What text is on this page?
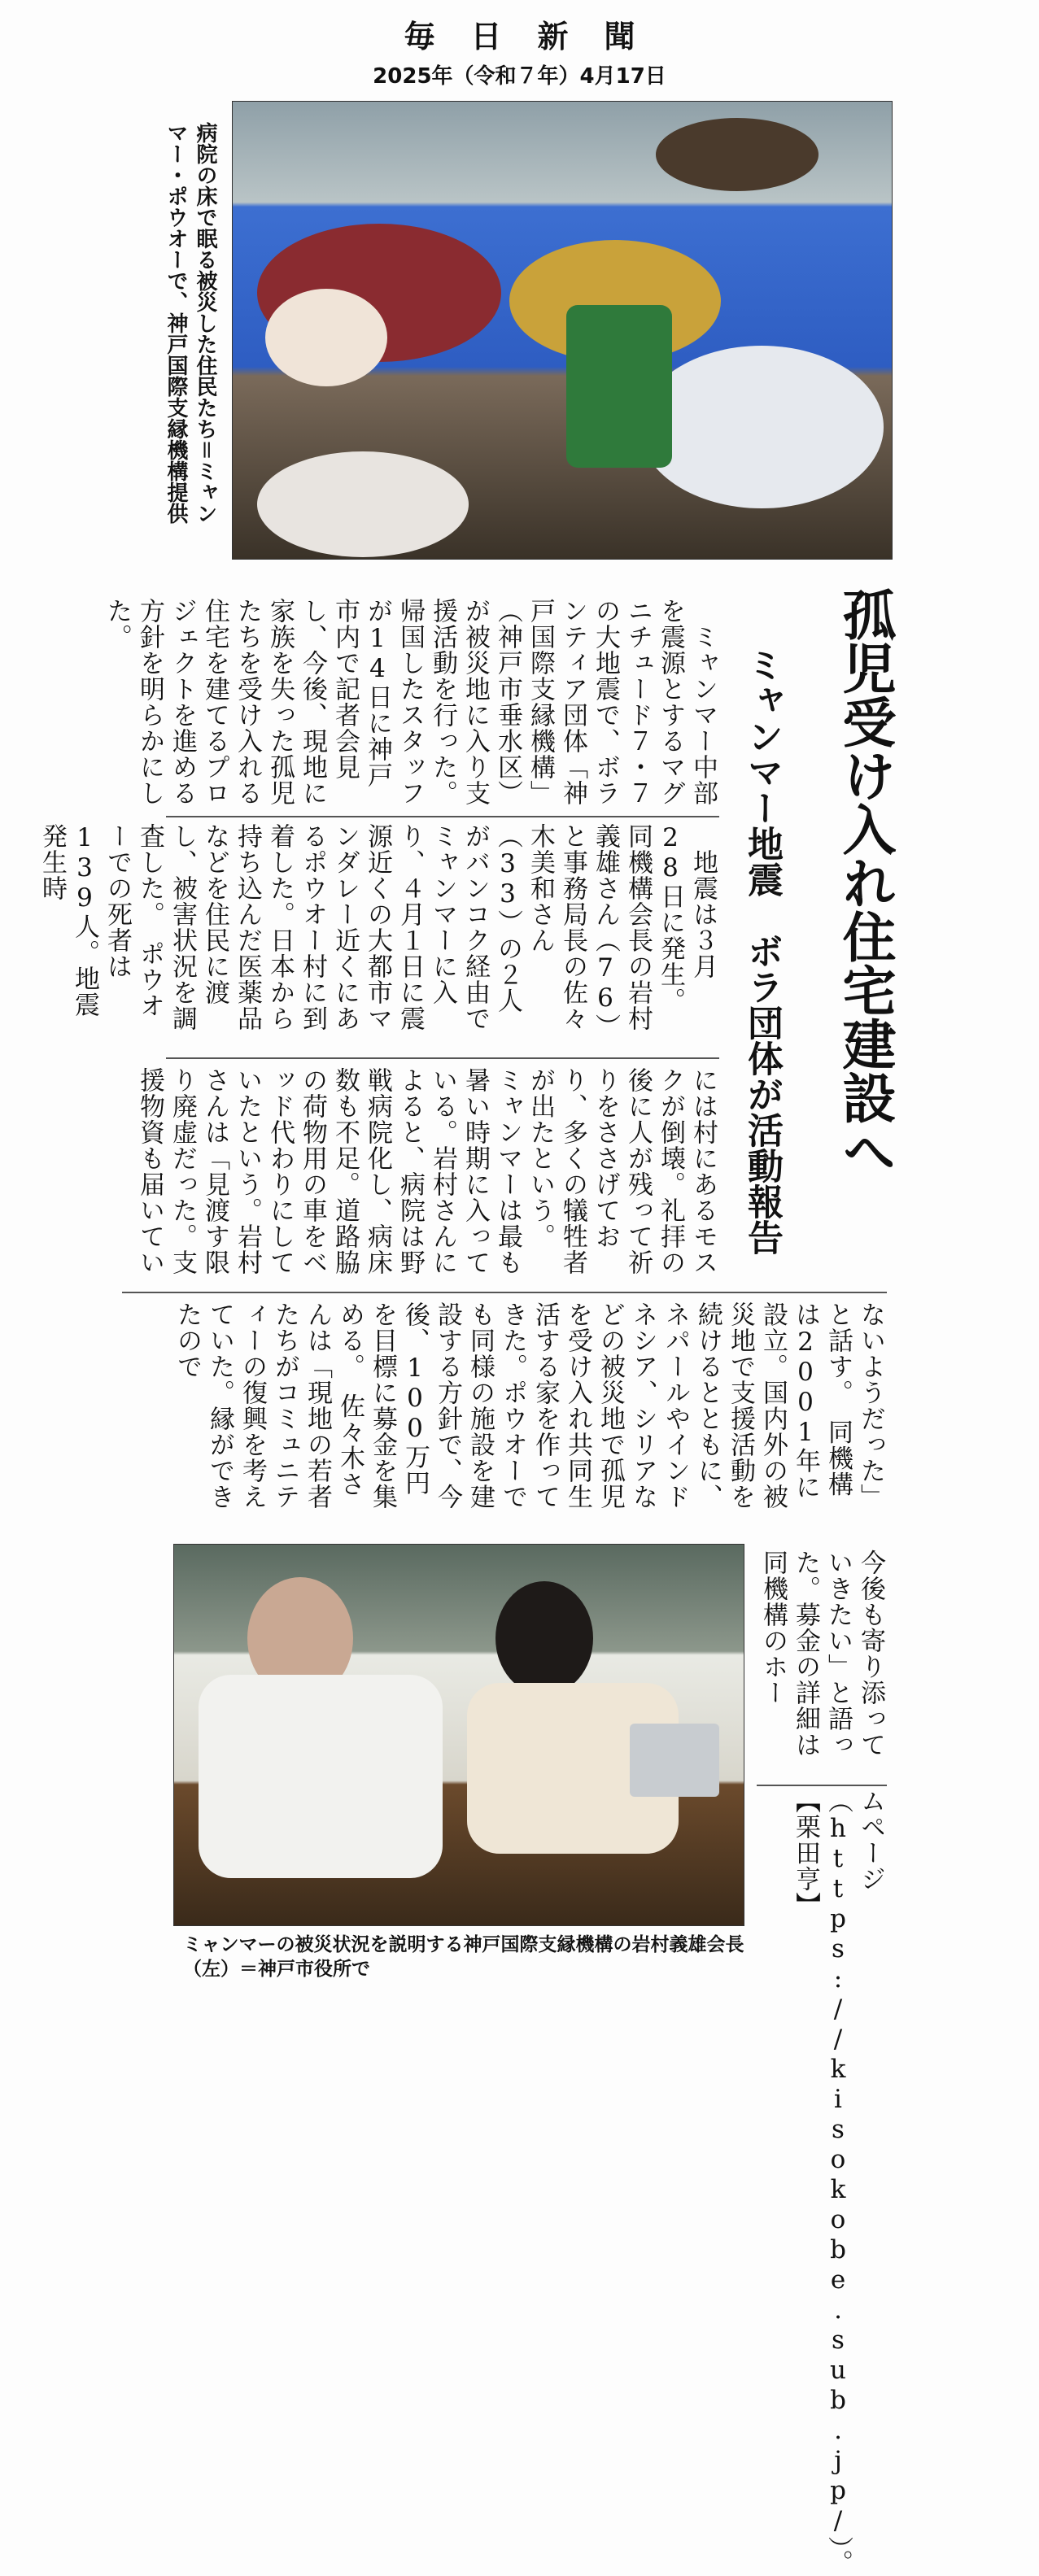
毎日新聞
2025年（令和７年）4月17日
病院の床で眠る被災した住民たち＝ミャンマー・ポウオーで、神戸国際支縁機構提供
孤児受け入れ住宅建設へ
ミャンマー地震　ボラ団体が活動報告
　ミャンマー中部を震源とするマグニチュード７・７の大地震で、ボランティア団体「神戸国際支縁機構」（神戸市垂水区）が被災地に入り支援活動を行った。帰国したスタッフが14日に神戸市内で記者会見し、今後、現地に家族を失った孤児たちを受け入れる住宅を建てるプロジェクトを進める方針を明らかにした。
　地震は３月28日に発生。同機構会長の岩村義雄さん（76）と事務局長の佐々木美和さん（33）の２人がバンコク経由でミャンマーに入り、４月１日に震源近くの大都市マンダレー近くにあるポウオー村に到着した。日本から持ち込んだ医薬品などを住民に渡し、被害状況を調査した。　ポウオーでの死者は139人。地震発生時
には村にあるモスクが倒壊。礼拝の後に人が残って祈りをささげており、多くの犠牲者が出たという。　ミャンマーは最も暑い時期に入っている。岩村さんによると、病院は野戦病院化し、病床数も不足。道路脇の荷物用の車をベッド代わりにしていたという。岩村さんは「見渡す限り廃虚だった。支援物資も届いてい
ないようだった」と話す。　同機構は2001年に設立。国内外の被災地で支援活動を続けるとともに、ネパールやインドネシア、シリアなどの被災地で孤児を受け入れ共同生活する家を作ってきた。ポウオーでも同様の施設を建設する方針で、今後、100万円を目標に募金を集める。　佐々木さんは「現地の若者たちがコミュニティーの復興を考えていた。縁ができたので
今後も寄り添っていきたい」と語った。募金の詳細は同機構のホー
ムページ（https://kisokobe.sub.jp/）。【栗田亨】
ミャンマーの被災状況を説明する神戸国際支縁機構の岩村義雄会長（左）＝神戸市役所で
